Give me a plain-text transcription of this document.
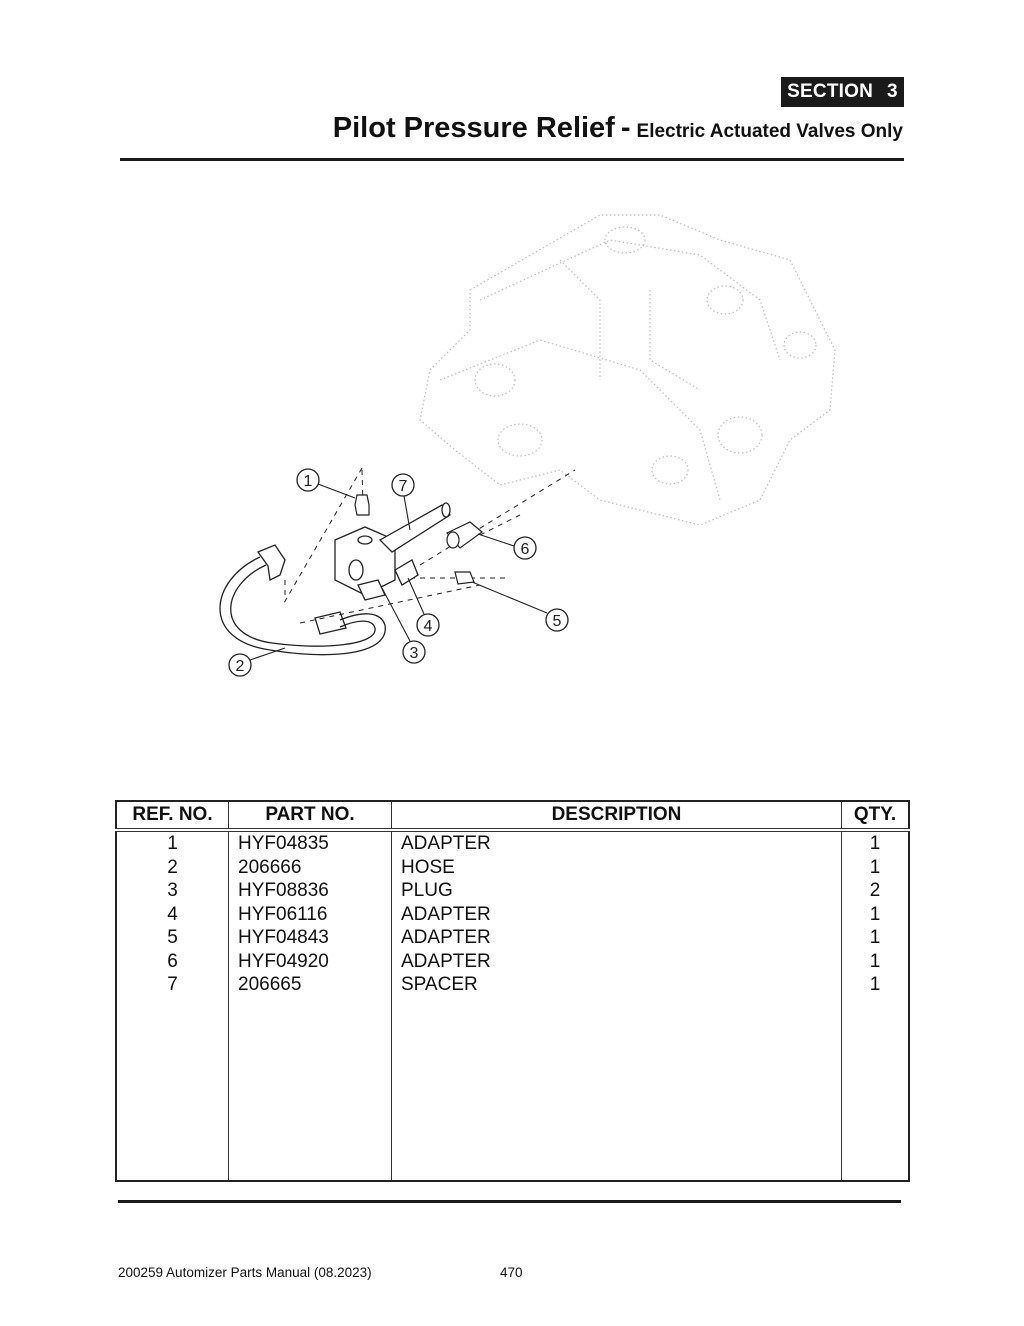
SECTION 3
Pilot Pressure Relief - Electric Actuated Valves Only
1
2
3
4	5
6
7
REF. NO.	PART NO.	DESCRIPTION	QTY.
1	HYF04835	ADAPTER	1
2	206666	HOSE	1
3	HYF08836	PLUG	2
4	HYF06116	ADAPTER	1
5	HYF04843	ADAPTER	1
6	HYF04920	ADAPTER	1
7	206665	SPACER	1

200259 Automizer Parts Manual (08.2023)	470
